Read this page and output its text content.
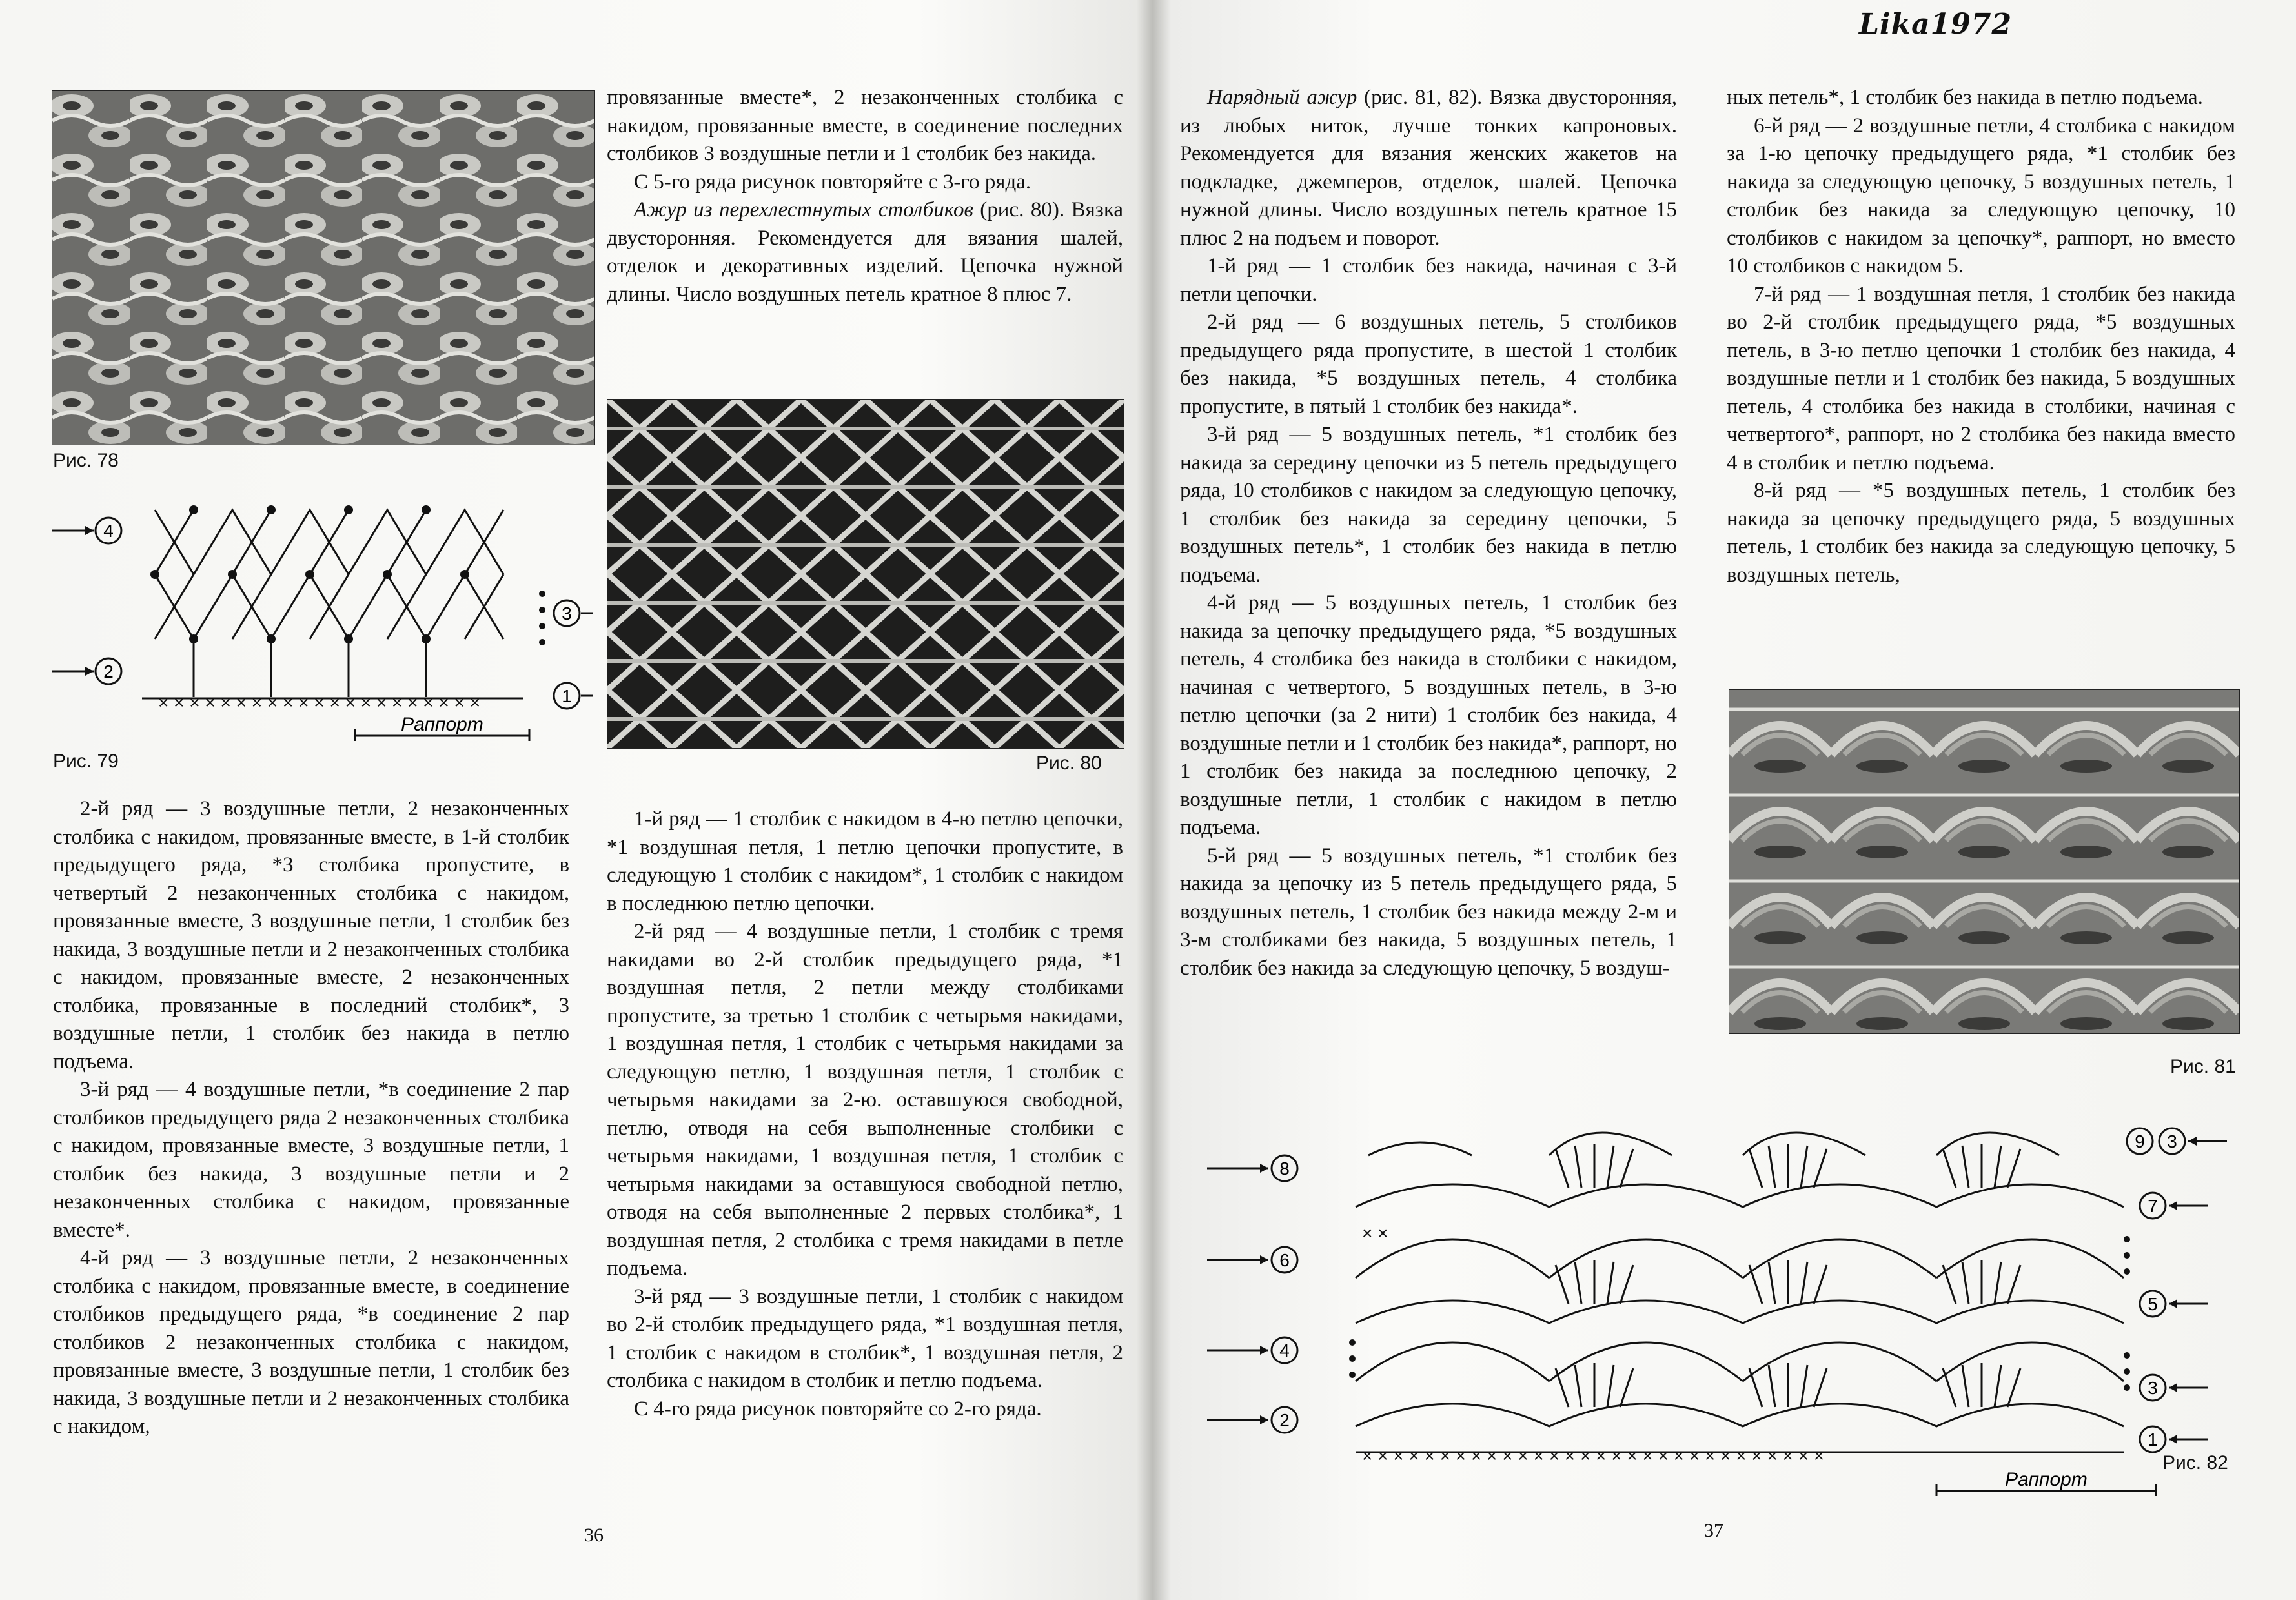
Рис. 78
× × × × × × × × × × × × × × × × × × × × ×
4
3
2
1
Раппорт
Рис. 79

2-й ряд — 3 воздушные петли, 2 незаконченных столбика с накидом, провязанные вместе, в 1-й столбик предыдущего ряда, *3 столбика пропустите, в четвертый 2 незаконченных столбика с накидом, провязанные вместе, 3 воздушные петли, 1 столбик без накида, 3 воздушные петли и 2 незаконченных столбика с накидом, провязанные вместе, 2 незаконченных столбика, провязанные в последний столбик*, 3 воздушные петли, 1 столбик без накида в петлю подъема.

3-й ряд — 4 воздушные петли, *в соединение 2 пар столбиков предыдущего ряда 2 незаконченных столбика с накидом, провязанные вместе, 3 воздушные петли, 1 столбик без накида, 3 воздушные петли и 2 незаконченных столбика с накидом, провязанные вместе*.

4-й ряд — 3 воздушные петли, 2 незаконченных столбика с накидом, провязанные вместе, в соединение столбиков предыдущего ряда, *в соединение 2 пар столбиков 2 незаконченных столбика с накидом, провязанные вместе, 3 воздушные петли, 1 столбик без накида, 3 воздушные петли и 2 незаконченных столбика с накидом,

провязанные вместе*, 2 незаконченных столбика с накидом, провязанные вместе, в соединение последних столбиков 3 воздушные петли и 1 столбик без накида.

С 5-го ряда рисунок повторяйте с 3-го ряда.

Ажур из перехлестнутых столбиков (рис. 80). Вязка двусторонняя. Рекомендуется для вязания шалей, отделок и декоративных изделий. Цепочка нужной длины. Число воздушных петель кратное 8 плюс 7.

Рис. 80

1-й ряд — 1 столбик с накидом в 4-ю петлю цепочки, *1 воздушная петля, 1 петлю цепочки пропустите, в следующую 1 столбик с накидом*, 1 столбик с накидом в последнюю петлю цепочки.

2-й ряд — 4 воздушные петли, 1 столбик с тремя накидами во 2-й столбик предыдущего ряда, *1 воздушная петля, 2 петли между столбиками пропустите, за третью 1 столбик с четырьмя накидами, 1 воздушная петля, 1 столбик с четырьмя накидами за следующую петлю, 1 воздушная петля, 1 столбик с четырьмя накидами за 2-ю. оставшуюся свободной, петлю, отводя на себя выполненные столбики с четырьмя накидами, 1 воздушная петля, 1 столбик с четырьмя накидами за оставшуюся свободной петлю, отводя на себя выполненные 2 первых столбика*, 1 воздушная петля, 2 столбика с тремя накидами в петле подъема.

3-й ряд — 3 воздушные петли, 1 столбик с накидом во 2-й столбик предыдущего ряда, *1 воздушная петля, 1 столбик с накидом в столбик*, 1 воздушная петля, 2 столбика с накидом в столбик и петлю подъема.

С 4-го ряда рисунок повторяйте со 2-го ряда.

36
Lika1972

Нарядный ажур (рис. 81, 82). Вязка двусторонняя, из любых ниток, лучше тонких капроновых. Рекомендуется для вязания женских жакетов на подкладке, джемперов, отделок, шалей. Цепочка нужной длины. Число воздушных петель кратное 15 плюс 2 на подъем и поворот.

1-й ряд — 1 столбик без накида, начиная с 3-й петли цепочки.

2-й ряд — 6 воздушных петель, 5 столбиков предыдущего ряда пропустите, в шестой 1 столбик без накида, *5 воздушных петель, 4 столбика пропустите, в пятый 1 столбик без накида*.

3-й ряд — 5 воздушных петель, *1 столбик без накида за середину цепочки из 5 петель предыдущего ряда, 10 столбиков с накидом за следующую цепочку, 1 столбик без накида за середину цепочки, 5 воздушных петель*, 1 столбик без накида в петлю подъема.

4-й ряд — 5 воздушных петель, 1 столбик без накида за цепочку предыдущего ряда, *5 воздушных петель, 4 столбика без накида в столбики с накидом, начиная с четвертого, 5 воздушных петель, в 3-ю петлю цепочки (за 2 нити) 1 столбик без накида, 4 воздушные петли и 1 столбик без накида*, раппорт, но 1 столбик без накида за последнюю цепочку, 2 воздушные петли, 1 столбик с накидом в петлю подъема.

5-й ряд — 5 воздушных петель, *1 столбик без накида за цепочку из 5 петель предыдущего ряда, 5 воздушных петель, 1 столбик без накида между 2-м и 3-м столбиками без накида, 5 воздушных петель, 1 столбик без накида за следующую цепочку, 5 воздуш-

ных петель*, 1 столбик без накида в петлю подъема.

6-й ряд — 2 воздушные петли, 4 столбика с накидом за 1-ю цепочку предыдущего ряда, *1 столбик без накида за следующую цепочку, 5 воздушных петель, 1 столбик без накида за следующую цепочку, 10 столбиков с накидом за цепочку*, раппорт, но вместо 10 столбиков с накидом 5.

7-й ряд — 1 воздушная петля, 1 столбик без накида во 2-й столбик предыдущего ряда, *5 воздушных петель, в 3-ю петлю цепочки 1 столбик без накида, 4 воздушные петли и 1 столбик без накида, 5 воздушных петель, 4 столбика без накида в столбики, начиная с четвертого*, раппорт, но 2 столбика без накида вместо 4 в столбик и петлю подъема.

8-й ряд — *5 воздушных петель, 1 столбик без накида за цепочку предыдущего ряда, 5 воздушных петель, 1 столбик без накида за следующую цепочку, 5 воздушных петель,

Рис. 81
× × × × × × × × × × × × × × × × × × × × × × × × × × × × × ×
× ×
9 3
8
7
6
5
4
3
2
1
Раппорт
Рис. 82
37
